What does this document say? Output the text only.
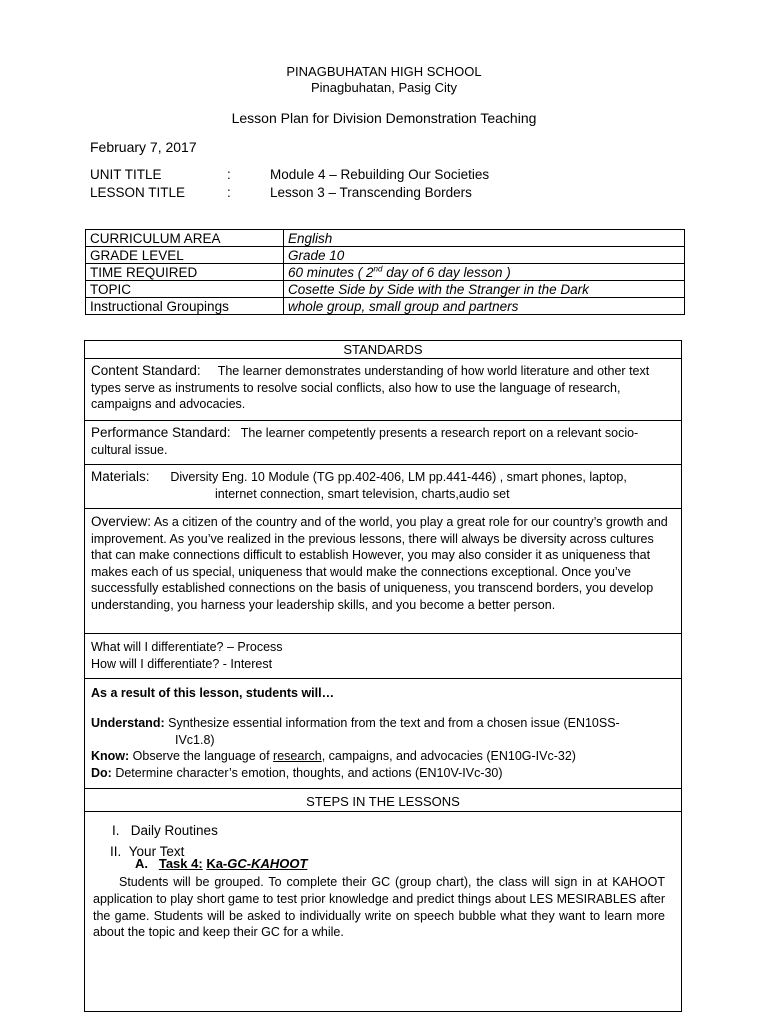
PINAGBUHATAN HIGH SCHOOL
Pinagbuhatan, Pasig City
Lesson Plan for Division Demonstration Teaching
February 7, 2017
UNIT TITLE	:	Module 4 – Rebuilding Our Societies
LESSON TITLE	:	Lesson 3 – Transcending Borders
CURRICULUM AREA	English
GRADE LEVEL	Grade 10
TIME REQUIRED	60 minutes ( 2nd day of 6 day lesson )
TOPIC	Cosette Side by Side with the Stranger in the Dark
Instructional Groupings	whole group, small group and partners
STANDARDS
Content Standard: The learner demonstrates understanding of how world literature and other text types serve as instruments to resolve social conflicts, also how to use the language of research, campaigns and advocacies.
Performance Standard: The learner competently presents a research report on a relevant socio-cultural issue.
Materials: Diversity Eng. 10 Module (TG pp.402-406, LM pp.441-446) , smart phones, laptop,
internet connection, smart television, charts,audio set
Overview: As a citizen of the country and of the world, you play a great role for our country’s growth and improvement. As you’ve realized in the previous lessons, there will always be diversity across cultures that can make connections difficult to establish However, you may also consider it as uniqueness that makes each of us special, uniqueness that would make the connections exceptional. Once you’ve successfully established connections on the basis of uniqueness, you transcend borders, you develop understanding, you harness your leadership skills, and you become a better person.
What will I differentiate? – Process
How will I differentiate? - Interest
As a result of this lesson, students will…
Understand: Synthesize essential information from the text and from a chosen issue (EN10SS-
IVc1.8)
Know: Observe the language of research, campaigns, and advocacies (EN10G-IVc-32)
Do: Determine character’s emotion, thoughts, and actions (EN10V-IVc-30)
STEPS IN THE LESSONS
I. Daily Routines
II. Your Text
A. Task 4: Ka-GC-KAHOOT
Students will be grouped. To complete their GC (group chart), the class will sign in at KAHOOT application to play short game to test prior knowledge and predict things about LES MESIRABLES after the game. Students will be asked to individually write on speech bubble what they want to learn more about the topic and keep their GC for a while.
